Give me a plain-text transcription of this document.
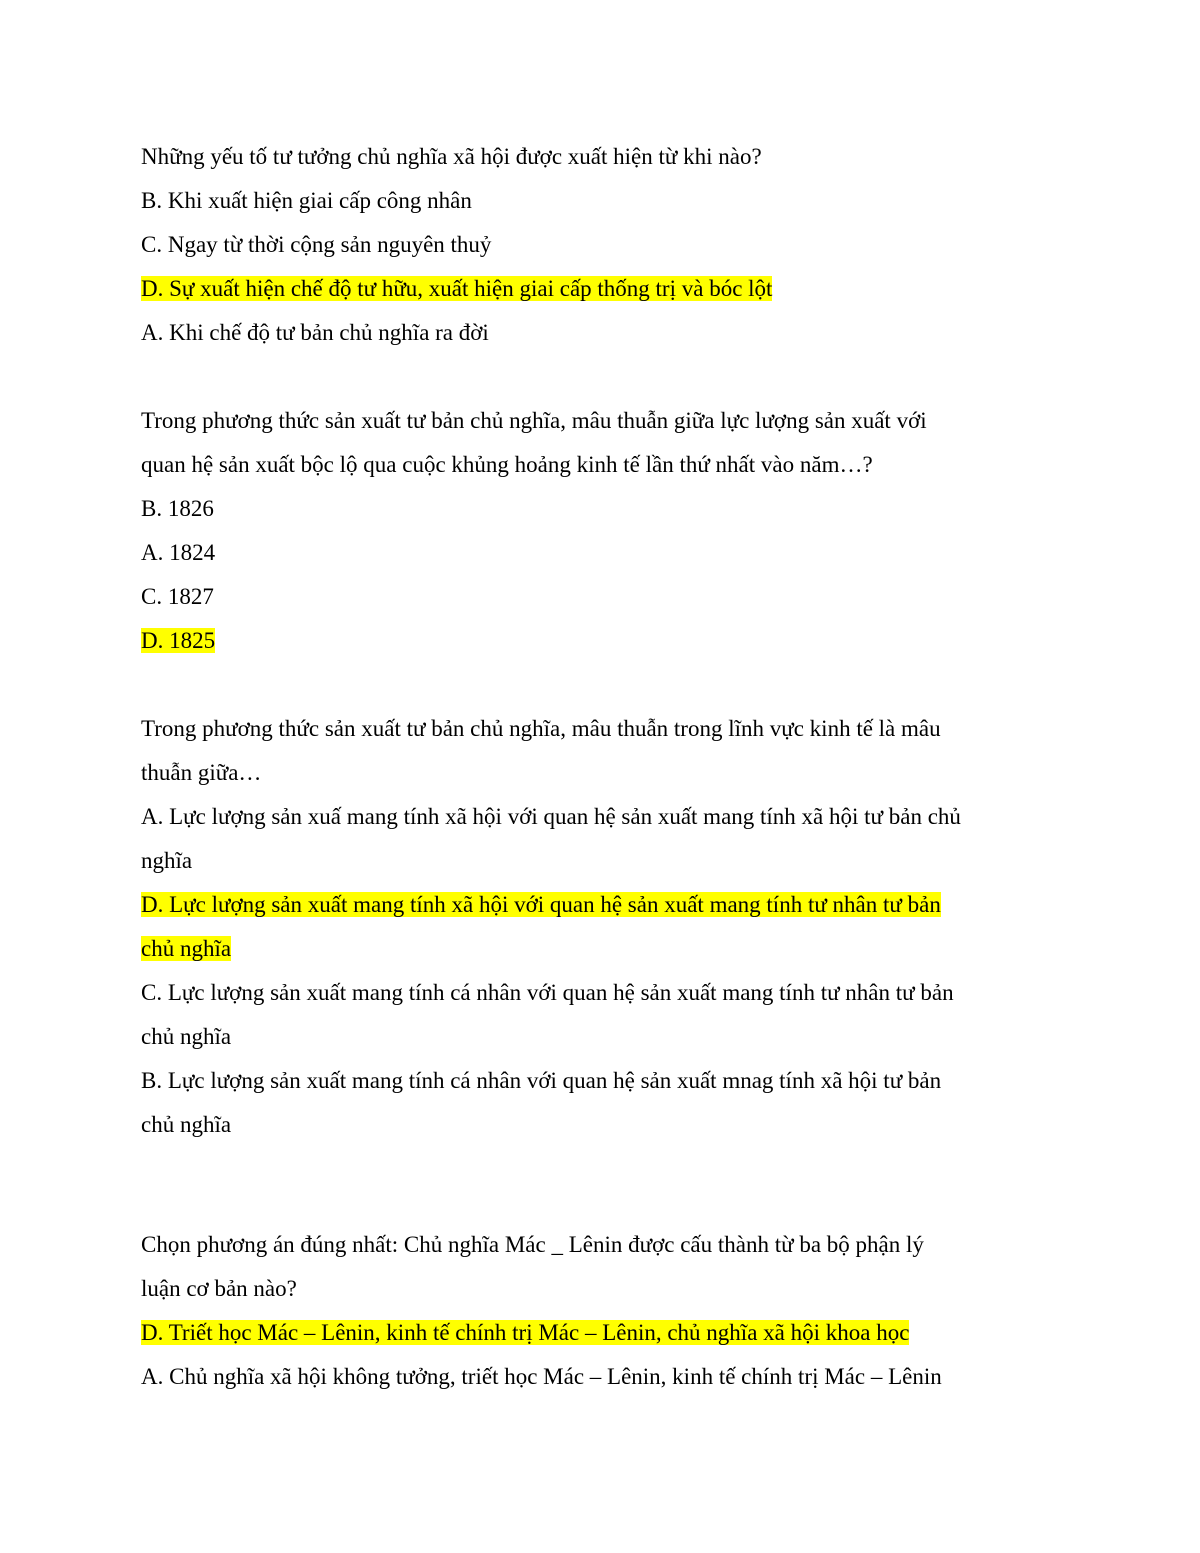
Những yếu tố tư tưởng chủ nghĩa xã hội được xuất hiện từ khi nào?
B. Khi xuất hiện giai cấp công nhân
C. Ngay từ thời cộng sản nguyên thuỷ
D. Sự xuất hiện chế độ tư hữu, xuất hiện giai cấp thống trị và bóc lột
A. Khi chế độ tư bản chủ nghĩa ra đời
Trong phương thức sản xuất tư bản chủ nghĩa, mâu thuẫn giữa lực lượng sản xuất với
quan hệ sản xuất bộc lộ qua cuộc khủng hoảng kinh tế lần thứ nhất vào năm…?
B. 1826
A. 1824
C. 1827
D. 1825
Trong phương thức sản xuất tư bản chủ nghĩa, mâu thuẫn trong lĩnh vực kinh tế là mâu
thuẫn giữa…
A. Lực lượng sản xuấ mang tính xã hội với quan hệ sản xuất mang tính xã hội tư bản chủ
nghĩa
D. Lực lượng sản xuất mang tính xã hội với quan hệ sản xuất mang tính tư nhân tư bản
chủ nghĩa
C. Lực lượng sản xuất mang tính cá nhân với quan hệ sản xuất mang tính tư nhân tư bản
chủ nghĩa
B. Lực lượng sản xuất mang tính cá nhân với quan hệ sản xuất mnag tính xã hội tư bản
chủ nghĩa
Chọn phương án đúng nhất: Chủ nghĩa Mác _ Lênin được cấu thành từ ba bộ phận lý
luận cơ bản nào?
D. Triết học Mác – Lênin, kinh tế chính trị Mác – Lênin, chủ nghĩa xã hội khoa học
A. Chủ nghĩa xã hội không tưởng, triết học Mác – Lênin, kinh tế chính trị Mác – Lênin
